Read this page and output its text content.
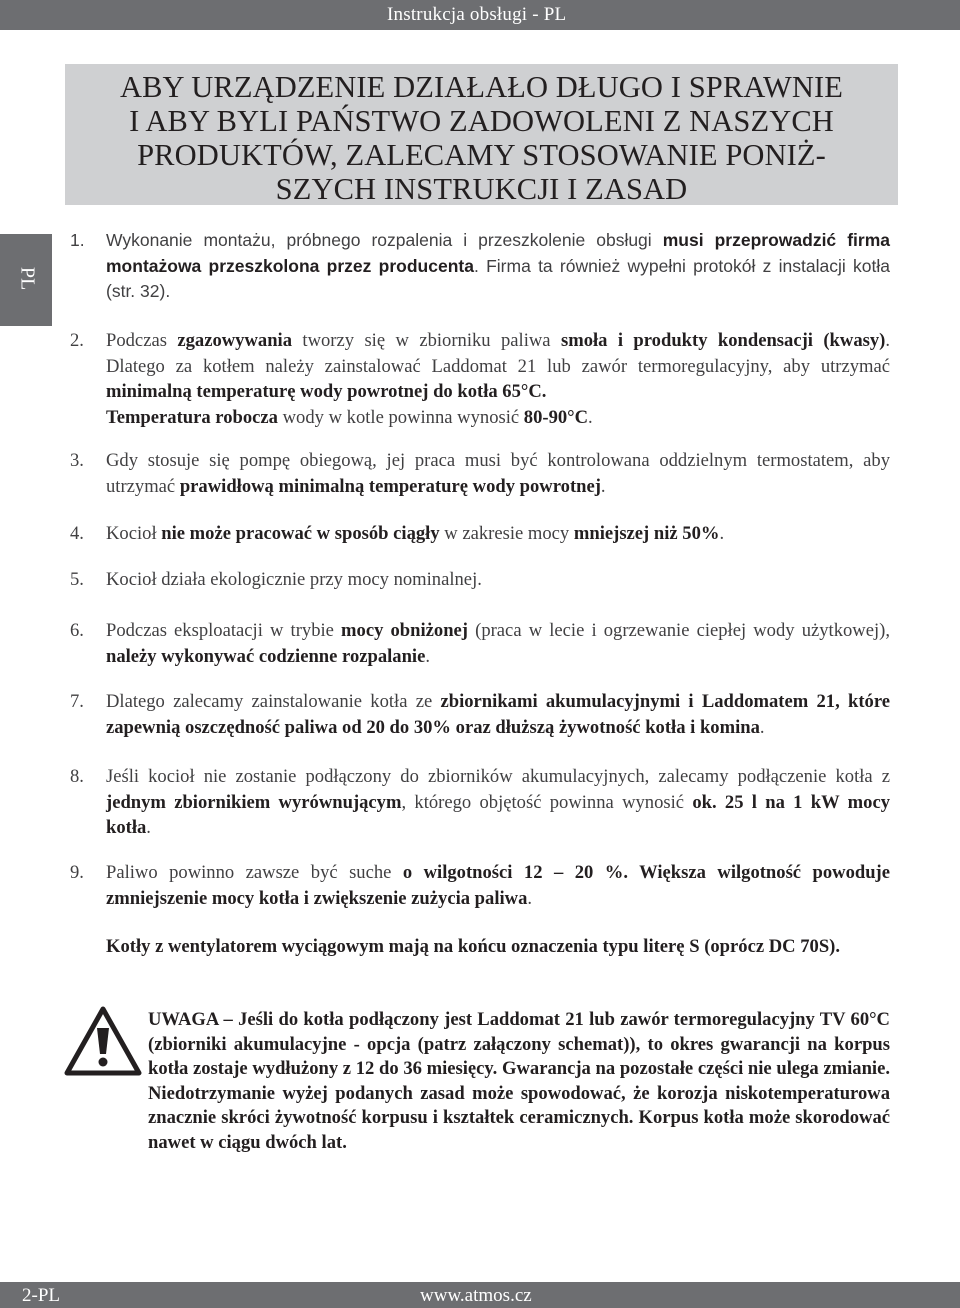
Instrukcja obsługi - PL
PL
ABY URZĄDZENIE DZIAŁAŁO DŁUGO I SPRAWNIE
I ABY BYLI PAŃSTWO ZADOWOLENI Z NASZYCH
PRODUKTÓW, ZALECAMY STOSOWANIE PONIŻ-
SZYCH INSTRUKCJI I ZASAD
1.	Wykonanie montażu, próbnego rozpalenia i przeszkolenie obsługi musi przeprowadzić firma montażowa przeszkolona przez producenta. Firma ta również wypełni protokół z instalacji kotła (str. 32).
2.	Podczas zgazowywania tworzy się w zbiorniku paliwa smoła i produkty kondensacji (kwasy). Dlatego za kotłem należy zainstalować Laddomat 21 lub zawór termoregulacyjny, aby utrzymać minimalną temperaturę wody powrotnej do kotła 65°C.
Temperatura robocza wody w kotle powinna wynosić 80-90°C.
3.	Gdy stosuje się pompę obiegową, jej praca musi być kontrolowana oddzielnym termostatem, aby utrzymać prawidłową minimalną temperaturę wody powrotnej.
4.	Kocioł nie może pracować w sposób ciągły w zakresie mocy mniejszej niż 50%.
5.	Kocioł działa ekologicznie przy mocy nominalnej.
6.	Podczas eksploatacji w trybie mocy obniżonej (praca w lecie i ogrzewanie ciepłej wody użytkowej), należy wykonywać codzienne rozpalanie.
7.	Dlatego zalecamy zainstalowanie kotła ze zbiornikami akumulacyjnymi i Laddomatem 21, które zapewnią oszczędność paliwa od 20 do 30% oraz dłuższą żywotność kotła i komina.
8.	Jeśli kocioł nie zostanie podłączony do zbiorników akumulacyjnych, zalecamy podłączenie kotła z jednym zbiornikiem wyrównującym, którego objętość powinna wynosić ok. 25 l na 1 kW mocy kotła.
9.	Paliwo powinno zawsze być suche o wilgotności 12 – 20 %. Większa wilgotność powoduje zmniejszenie mocy kotła i zwiększenie zużycia paliwa.
Kotły z wentylatorem wyciągowym mają na końcu oznaczenia typu literę S (oprócz DC 70S).
UWAGA – Jeśli do kotła podłączony jest Laddomat 21 lub zawór termoregulacyjny TV 60°C (zbiorniki akumulacyjne - opcja (patrz załączony schemat)), to okres gwarancji na korpus kotła zostaje wydłużony z 12 do 36 miesięcy. Gwarancja na pozostałe części nie ulega zmianie. Niedotrzymanie wyżej podanych zasad może spowodować, że korozja niskotemperaturowa znacznie skróci żywotność korpusu i kształtek ceramicznych. Korpus kotła może skorodować nawet w ciągu dwóch lat.
2-PL	www.atmos.cz
